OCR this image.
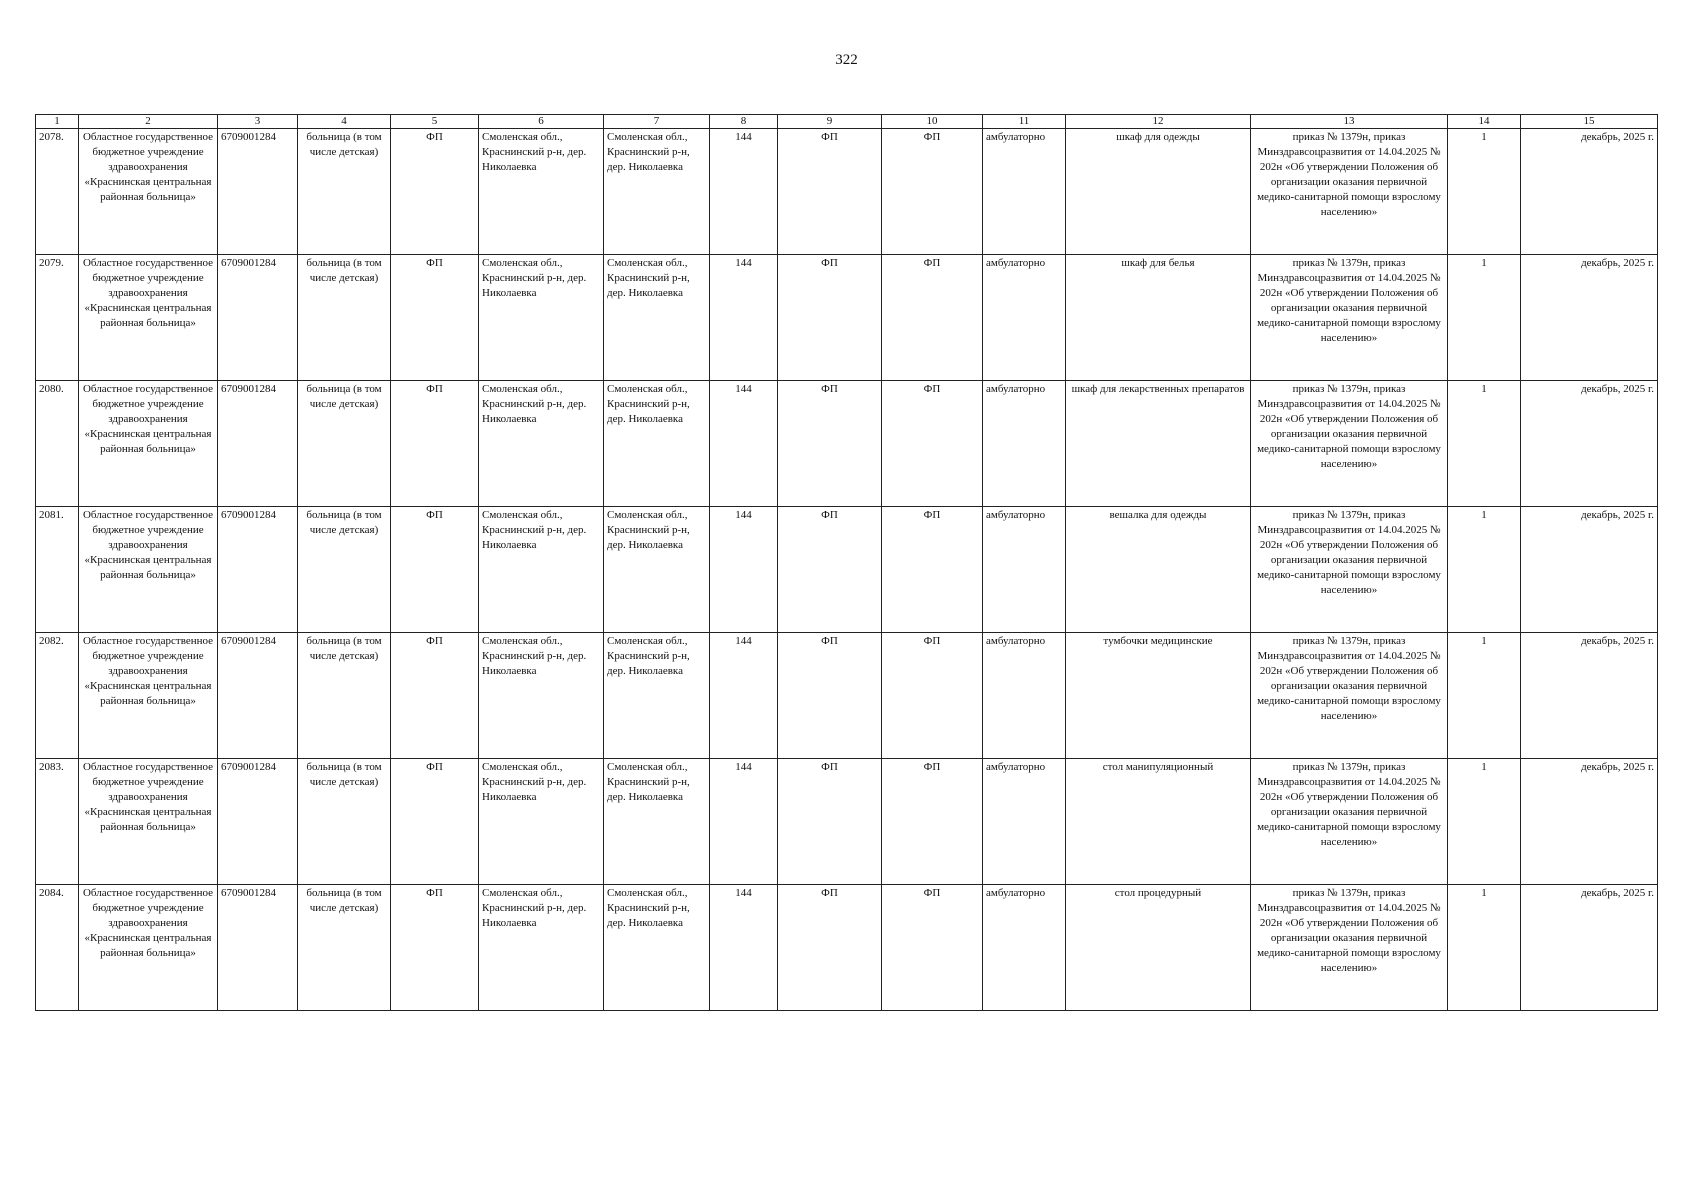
322
1	2	3	4	5	6	7	8	9	10	11	12	13	14	15
2078.	Областное государственное бюджетное учреждение здравоохранения «Краснинская центральная районная больница»	6709001284	больница (в том числе детская)	ФП	Смоленская обл., Краснинский р-н, дер. Николаевка	Смоленская обл., Краснинский р-н, дер. Николаевка	144	ФП	ФП	амбулаторно	шкаф для одежды	приказ № 1379н, приказ Минздравсоцразвития от 14.04.2025 № 202н «Об утверждении Положения об организации оказания первичной медико-санитарной помощи взрослому населению»	1	декабрь, 2025 г.
2079.	Областное государственное бюджетное учреждение здравоохранения «Краснинская центральная районная больница»	6709001284	больница (в том числе детская)	ФП	Смоленская обл., Краснинский р-н, дер. Николаевка	Смоленская обл., Краснинский р-н, дер. Николаевка	144	ФП	ФП	амбулаторно	шкаф для белья	приказ № 1379н, приказ Минздравсоцразвития от 14.04.2025 № 202н «Об утверждении Положения об организации оказания первичной медико-санитарной помощи взрослому населению»	1	декабрь, 2025 г.
2080.	Областное государственное бюджетное учреждение здравоохранения «Краснинская центральная районная больница»	6709001284	больница (в том числе детская)	ФП	Смоленская обл., Краснинский р-н, дер. Николаевка	Смоленская обл., Краснинский р-н, дер. Николаевка	144	ФП	ФП	амбулаторно	шкаф для лекарственных препаратов	приказ № 1379н, приказ Минздравсоцразвития от 14.04.2025 № 202н «Об утверждении Положения об организации оказания первичной медико-санитарной помощи взрослому населению»	1	декабрь, 2025 г.
2081.	Областное государственное бюджетное учреждение здравоохранения «Краснинская центральная районная больница»	6709001284	больница (в том числе детская)	ФП	Смоленская обл., Краснинский р-н, дер. Николаевка	Смоленская обл., Краснинский р-н, дер. Николаевка	144	ФП	ФП	амбулаторно	вешалка для одежды	приказ № 1379н, приказ Минздравсоцразвития от 14.04.2025 № 202н «Об утверждении Положения об организации оказания первичной медико-санитарной помощи взрослому населению»	1	декабрь, 2025 г.
2082.	Областное государственное бюджетное учреждение здравоохранения «Краснинская центральная районная больница»	6709001284	больница (в том числе детская)	ФП	Смоленская обл., Краснинский р-н, дер. Николаевка	Смоленская обл., Краснинский р-н, дер. Николаевка	144	ФП	ФП	амбулаторно	тумбочки медицинские	приказ № 1379н, приказ Минздравсоцразвития от 14.04.2025 № 202н «Об утверждении Положения об организации оказания первичной медико-санитарной помощи взрослому населению»	1	декабрь, 2025 г.
2083.	Областное государственное бюджетное учреждение здравоохранения «Краснинская центральная районная больница»	6709001284	больница (в том числе детская)	ФП	Смоленская обл., Краснинский р-н, дер. Николаевка	Смоленская обл., Краснинский р-н, дер. Николаевка	144	ФП	ФП	амбулаторно	стол манипуляционный	приказ № 1379н, приказ Минздравсоцразвития от 14.04.2025 № 202н «Об утверждении Положения об организации оказания первичной медико-санитарной помощи взрослому населению»	1	декабрь, 2025 г.
2084.	Областное государственное бюджетное учреждение здравоохранения «Краснинская центральная районная больница»	6709001284	больница (в том числе детская)	ФП	Смоленская обл., Краснинский р-н, дер. Николаевка	Смоленская обл., Краснинский р-н, дер. Николаевка	144	ФП	ФП	амбулаторно	стол процедурный	приказ № 1379н, приказ Минздравсоцразвития от 14.04.2025 № 202н «Об утверждении Положения об организации оказания первичной медико-санитарной помощи взрослому населению»	1	декабрь, 2025 г.
